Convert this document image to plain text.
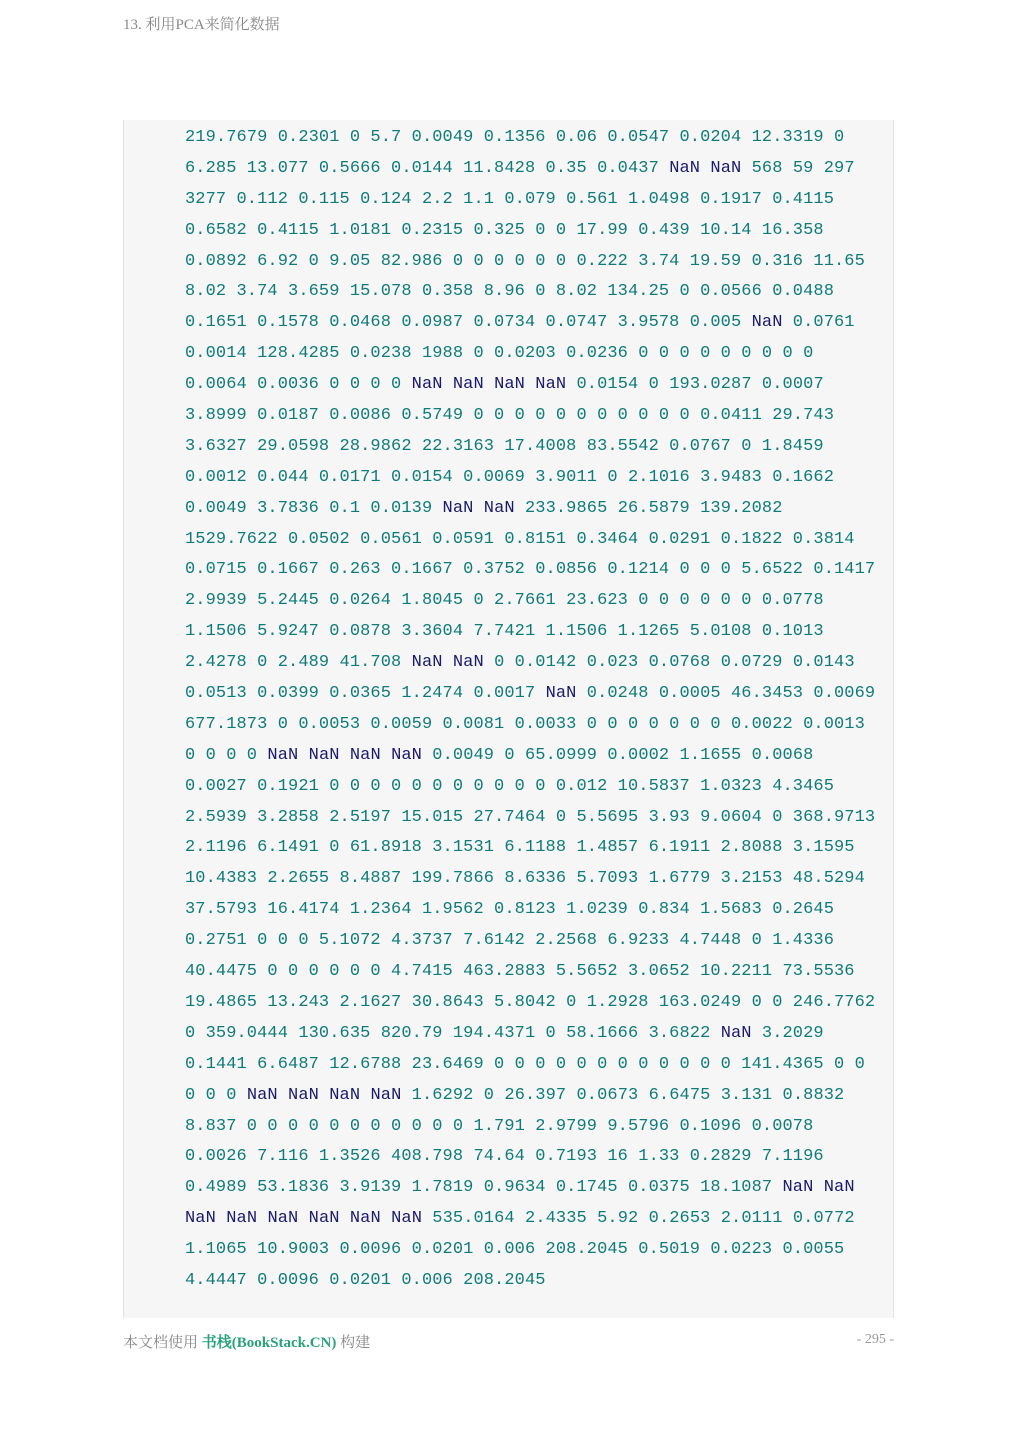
13. 利用PCA来简化数据
219.7679 0.2301 0 5.7 0.0049 0.1356 0.06 0.0547 0.0204 12.3319 0
6.285 13.077 0.5666 0.0144 11.8428 0.35 0.0437 NaN NaN 568 59 297
3277 0.112 0.115 0.124 2.2 1.1 0.079 0.561 1.0498 0.1917 0.4115
0.6582 0.4115 1.0181 0.2315 0.325 0 0 17.99 0.439 10.14 16.358
0.0892 6.92 0 9.05 82.986 0 0 0 0 0 0 0.222 3.74 19.59 0.316 11.65
8.02 3.74 3.659 15.078 0.358 8.96 0 8.02 134.25 0 0.0566 0.0488
0.1651 0.1578 0.0468 0.0987 0.0734 0.0747 3.9578 0.005 NaN 0.0761
0.0014 128.4285 0.0238 1988 0 0.0203 0.0236 0 0 0 0 0 0 0 0 0
0.0064 0.0036 0 0 0 0 NaN NaN NaN NaN 0.0154 0 193.0287 0.0007
3.8999 0.0187 0.0086 0.5749 0 0 0 0 0 0 0 0 0 0 0 0.0411 29.743
3.6327 29.0598 28.9862 22.3163 17.4008 83.5542 0.0767 0 1.8459
0.0012 0.044 0.0171 0.0154 0.0069 3.9011 0 2.1016 3.9483 0.1662
0.0049 3.7836 0.1 0.0139 NaN NaN 233.9865 26.5879 139.2082
1529.7622 0.0502 0.0561 0.0591 0.8151 0.3464 0.0291 0.1822 0.3814
0.0715 0.1667 0.263 0.1667 0.3752 0.0856 0.1214 0 0 0 5.6522 0.1417
2.9939 5.2445 0.0264 1.8045 0 2.7661 23.623 0 0 0 0 0 0 0.0778
1.1506 5.9247 0.0878 3.3604 7.7421 1.1506 1.1265 5.0108 0.1013
2.4278 0 2.489 41.708 NaN NaN 0 0.0142 0.023 0.0768 0.0729 0.0143
0.0513 0.0399 0.0365 1.2474 0.0017 NaN 0.0248 0.0005 46.3453 0.0069
677.1873 0 0.0053 0.0059 0.0081 0.0033 0 0 0 0 0 0 0 0.0022 0.0013
0 0 0 0 NaN NaN NaN NaN 0.0049 0 65.0999 0.0002 1.1655 0.0068
0.0027 0.1921 0 0 0 0 0 0 0 0 0 0 0 0.012 10.5837 1.0323 4.3465
2.5939 3.2858 2.5197 15.015 27.7464 0 5.5695 3.93 9.0604 0 368.9713
2.1196 6.1491 0 61.8918 3.1531 6.1188 1.4857 6.1911 2.8088 3.1595
10.4383 2.2655 8.4887 199.7866 8.6336 5.7093 1.6779 3.2153 48.5294
37.5793 16.4174 1.2364 1.9562 0.8123 1.0239 0.834 1.5683 0.2645
0.2751 0 0 0 5.1072 4.3737 7.6142 2.2568 6.9233 4.7448 0 1.4336
40.4475 0 0 0 0 0 0 4.7415 463.2883 5.5652 3.0652 10.2211 73.5536
19.4865 13.243 2.1627 30.8643 5.8042 0 1.2928 163.0249 0 0 246.7762
0 359.0444 130.635 820.79 194.4371 0 58.1666 3.6822 NaN 3.2029
0.1441 6.6487 12.6788 23.6469 0 0 0 0 0 0 0 0 0 0 0 0 141.4365 0 0
0 0 0 NaN NaN NaN NaN 1.6292 0 26.397 0.0673 6.6475 3.131 0.8832
8.837 0 0 0 0 0 0 0 0 0 0 0 1.791 2.9799 9.5796 0.1096 0.0078
0.0026 7.116 1.3526 408.798 74.64 0.7193 16 1.33 0.2829 7.1196
0.4989 53.1836 3.9139 1.7819 0.9634 0.1745 0.0375 18.1087 NaN NaN
NaN NaN NaN NaN NaN NaN 535.0164 2.4335 5.92 0.2653 2.0111 0.0772
1.1065 10.9003 0.0096 0.0201 0.006 208.2045 0.5019 0.0223 0.0055
4.4447 0.0096 0.0201 0.006 208.2045
本文档使用 书栈(BookStack.CN) 构建	- 295 -
